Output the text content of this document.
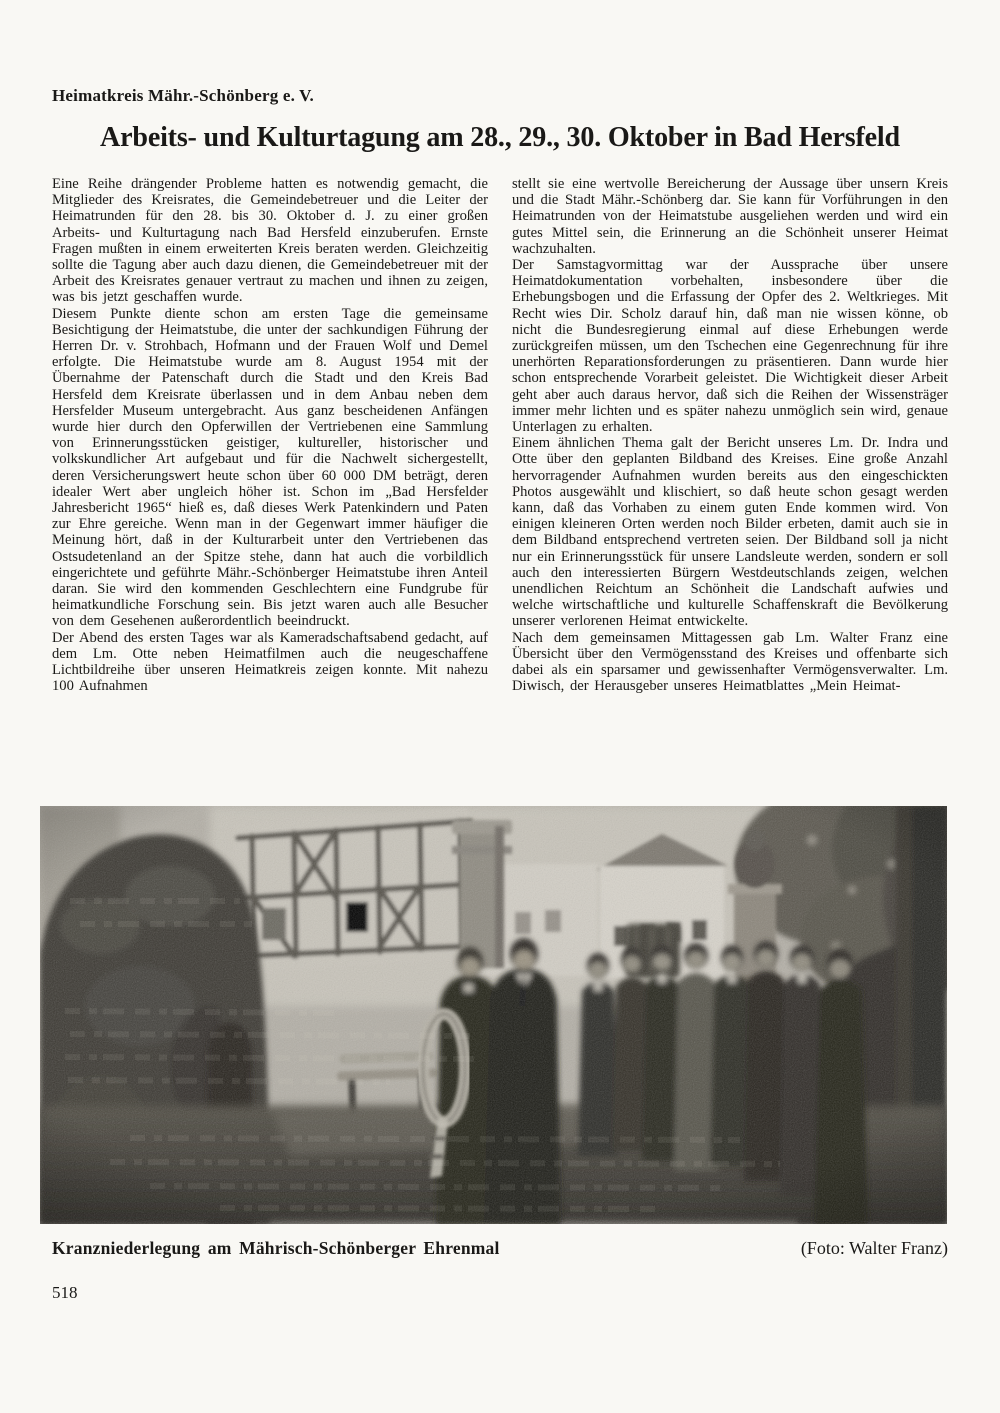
Heimatkreis Mähr.-Schönberg e. V.
Arbeits- und Kulturtagung am 28., 29., 30. Oktober in Bad Hersfeld

Eine Reihe drängender Probleme hatten es notwendig gemacht, die Mitglieder des Kreisrates, die Gemeindebetreuer und die Leiter der Heimatrunden für den 28. bis 30. Oktober d. J. zu einer großen Arbeits- und Kulturtagung nach Bad Hersfeld einzuberufen. Ernste Fragen mußten in einem erweiterten Kreis beraten werden. Gleichzeitig sollte die Tagung aber auch dazu dienen, die Gemeindebetreuer mit der Arbeit des Kreisrates genauer vertraut zu machen und ihnen zu zeigen, was bis jetzt geschaffen wurde.

Diesem Punkte diente schon am ersten Tage die gemeinsame Besichtigung der Heimatstube, die unter der sachkundigen Führung der Herren Dr. v. Strohbach, Hofmann und der Frauen Wolf und Demel erfolgte. Die Heimatstube wurde am 8. August 1954 mit der Übernahme der Patenschaft durch die Stadt und den Kreis Bad Hersfeld dem Kreisrate überlassen und in dem Anbau neben dem Hersfelder Museum untergebracht. Aus ganz bescheidenen Anfängen wurde hier durch den Opferwillen der Vertriebenen eine Sammlung von Erinnerungsstücken geistiger, kultureller, historischer und volkskundlicher Art aufgebaut und für die Nachwelt sichergestellt, deren Versicherungswert heute schon über 60 000 DM beträgt, deren idealer Wert aber ungleich höher ist. Schon im „Bad Hersfelder Jahresbericht 1965“ hieß es, daß dieses Werk Patenkindern und Paten zur Ehre gereiche. Wenn man in der Gegenwart immer häufiger die Meinung hört, daß in der Kulturarbeit unter den Vertriebenen das Ostsudetenland an der Spitze stehe, dann hat auch die vorbildlich eingerichtete und geführte Mähr.-Schönberger Heimatstube ihren Anteil daran. Sie wird den kommenden Geschlechtern eine Fundgrube für heimatkundliche Forschung sein. Bis jetzt waren auch alle Besucher von dem Gesehenen außerordentlich beeindruckt.

Der Abend des ersten Tages war als Kameradschaftsabend gedacht, auf dem Lm. Otte neben Heimatfilmen auch die neugeschaffene Lichtbildreihe über unseren Heimatkreis zeigen konnte. Mit nahezu 100 Aufnahmen

stellt sie eine wertvolle Bereicherung der Aussage über unsern Kreis und die Stadt Mähr.-Schönberg dar. Sie kann für Vorführungen in den Heimatrunden von der Heimatstube ausgeliehen werden und wird ein gutes Mittel sein, die Erinnerung an die Schönheit unserer Heimat wachzuhalten.

Der Samstagvormittag war der Aussprache über unsere Heimatdokumentation vorbehalten, insbesondere über die Erhebungsbogen und die Erfassung der Opfer des 2. Weltkrieges. Mit Recht wies Dir. Scholz darauf hin, daß man nie wissen könne, ob nicht die Bundesregierung einmal auf diese Erhebungen werde zurückgreifen müssen, um den Tschechen eine Gegenrechnung für ihre unerhörten Reparationsforderungen zu präsentieren. Dann wurde hier schon entsprechende Vorarbeit geleistet. Die Wichtigkeit dieser Arbeit geht aber auch daraus hervor, daß sich die Reihen der Wissensträger immer mehr lichten und es später nahezu unmöglich sein wird, genaue Unterlagen zu erhalten.

Einem ähnlichen Thema galt der Bericht unseres Lm. Dr. Indra und Otte über den geplanten Bildband des Kreises. Eine große Anzahl hervorragender Aufnahmen wurden bereits aus den eingeschickten Photos ausgewählt und klischiert, so daß heute schon gesagt werden kann, daß das Vorhaben zu einem guten Ende kommen wird. Von einigen kleineren Orten werden noch Bilder erbeten, damit auch sie in dem Bildband entsprechend vertreten seien. Der Bildband soll ja nicht nur ein Erinnerungsstück für unsere Landsleute werden, sondern er soll auch den interessierten Bürgern Westdeutschlands zeigen, welchen unendlichen Reichtum an Schönheit die Landschaft aufwies und welche wirtschaftliche und kulturelle Schaffenskraft die Bevölkerung unserer verlorenen Heimat entwickelte.

Nach dem gemeinsamen Mittagessen gab Lm. Walter Franz eine Übersicht über den Vermögensstand des Kreises und offenbarte sich dabei als ein sparsamer und gewissenhafter Vermögensverwalter. Lm. Diwisch, der Herausgeber unseres Heimatblattes „Mein Heimat-

Kranzniederlegung am Mährisch-Schönberger Ehrenmal	(Foto: Walter Franz)
518
